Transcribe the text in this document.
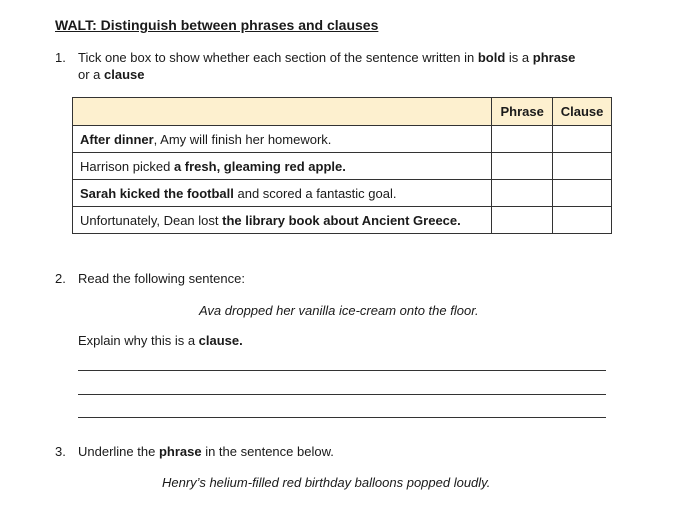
WALT: Distinguish between phrases and clauses
1. Tick one box to show whether each section of the sentence written in bold is a phrase
or a clause
	Phrase	Clause
After dinner, Amy will finish her homework.		
Harrison picked a fresh, gleaming red apple.		
Sarah kicked the football and scored a fantastic goal.		
Unfortunately, Dean lost the library book about Ancient Greece.		
2. Read the following sentence:
Ava dropped her vanilla ice-cream onto the floor.
Explain why this is a clause.
3. Underline the phrase in the sentence below.
Henry’s helium-filled red birthday balloons popped loudly.
